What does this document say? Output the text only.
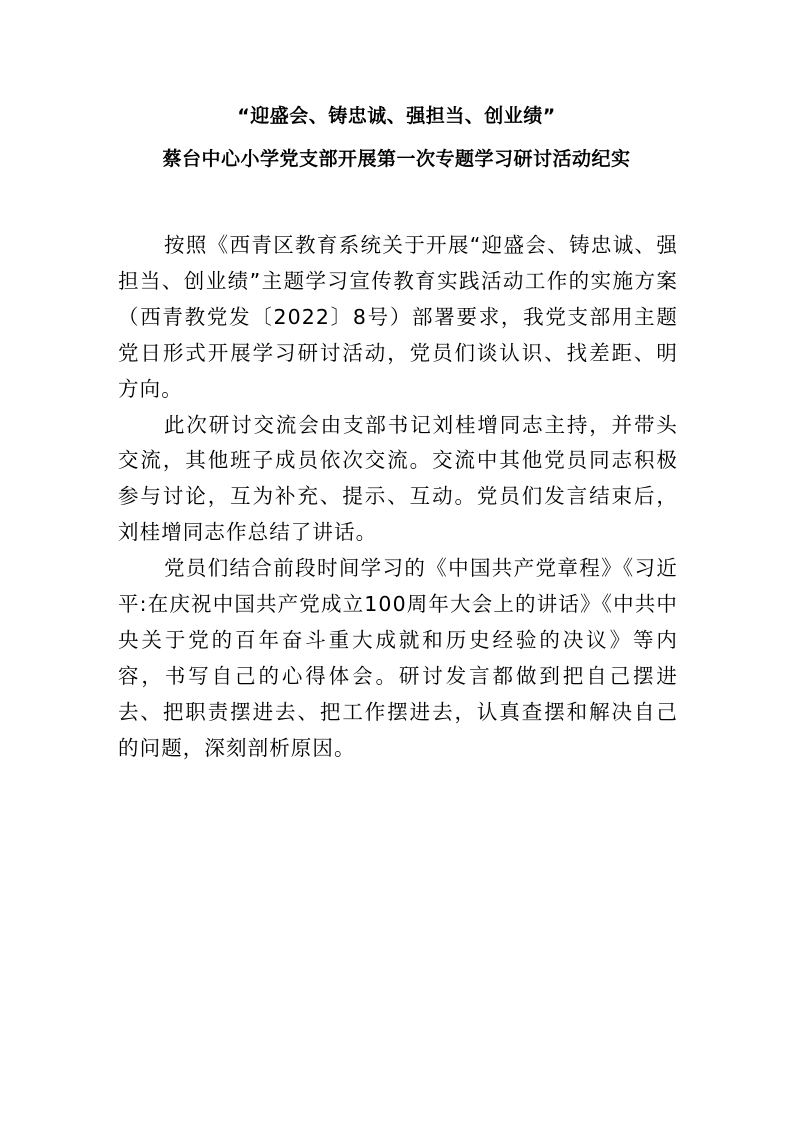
“迎盛会、铸忠诚、强担当、创业绩”
蔡台中心小学党支部开展第一次专题学习研讨活动纪实

按照《西青区教育系统关于开展“迎盛会、铸忠诚、强担当、创业绩”主题学习宣传教育实践活动工作的实施方案（西青教党发〔2022〕8号）部署要求，我党支部用主题党日形式开展学习研讨活动，党员们谈认识、找差距、明方向。

此次研讨交流会由支部书记刘桂增同志主持，并带头交流，其他班子成员依次交流。交流中其他党员同志积极参与讨论，互为补充、提示、互动。党员们发言结束后，刘桂增同志作总结了讲话。

党员们结合前段时间学习的《中国共产党章程》《习近平:在庆祝中国共产党成立100周年大会上的讲话》《中共中央关于党的百年奋斗重大成就和历史经验的决议》等内容，书写自己的心得体会。研讨发言都做到把自己摆进去、把职责摆进去、把工作摆进去，认真查摆和解决自己的问题，深刻剖析原因。
